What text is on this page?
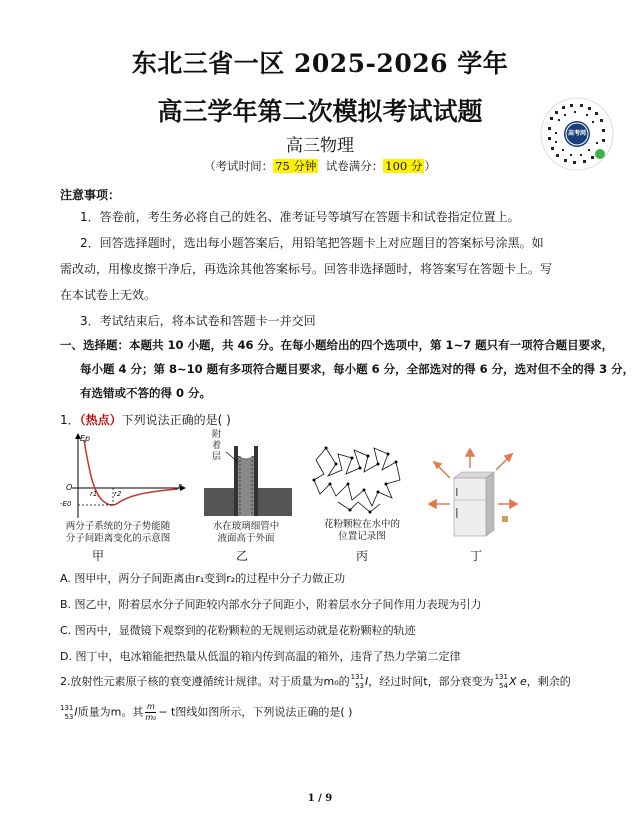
东北三省一区 2025-2026 学年
高三学年第二次模拟考试试题
高三物理
（考试时间： 75 分钟 试卷满分： 100 分 ）
高考网
注意事项：
1．答卷前，考生务必将自己的姓名、准考证号等填写在答题卡和试卷指定位置上。
2．回答选择题时，选出每小题答案后，用铅笔把答题卡上对应题目的答案标号涂黑。如
需改动，用橡皮擦干净后，再选涂其他答案标号。回答非选择题时，将答案写在答题卡上。写
在本试卷上无效。
3．考试结束后，将本试卷和答题卡一并交回
一、选择题：本题共 10 小题，共 46 分。在每小题给出的四个选项中，第 1~7 题只有一项符合题目要求，
每小题 4 分；第 8~10 题有多项符合题目要求，每小题 6 分，全部选对的得 6 分，选对但不全的得 3 分，
有选错或不答的得 0 分。
1．（热点）下列说法正确的是( )
Ep
r
O
r1 r2
-E0
两分子系统的分子势能随
分子间距离变化的示意图
甲
附
着
层
水在玻璃细管中
液面高于外面
乙
花粉颗粒在水中的
位置记录图
丙	丁
A. 图甲中，两分子间距离由r₁变到r₂的过程中分子力做正功
B. 图乙中，附着层水分子间距较内部水分子间距小，附着层水分子间作用力表现为引力
C. 图丙中，显微镜下观察到的花粉颗粒的无规则运动就是花粉颗粒的轨迹
D. 图丁中，电冰箱能把热量从低温的箱内传到高温的箱外，违背了热力学第二定律
2.放射性元素原子核的衰变遵循统计规律。对于质量为m₀的 131
53 I，经过时间t，部分衰变为 131
54 X e，剩余的
131
53 I质量为m。其 $\frac{m}{\text{m₀}} - t$图线如图所示，下列说法正确的是( )
1 / 9
